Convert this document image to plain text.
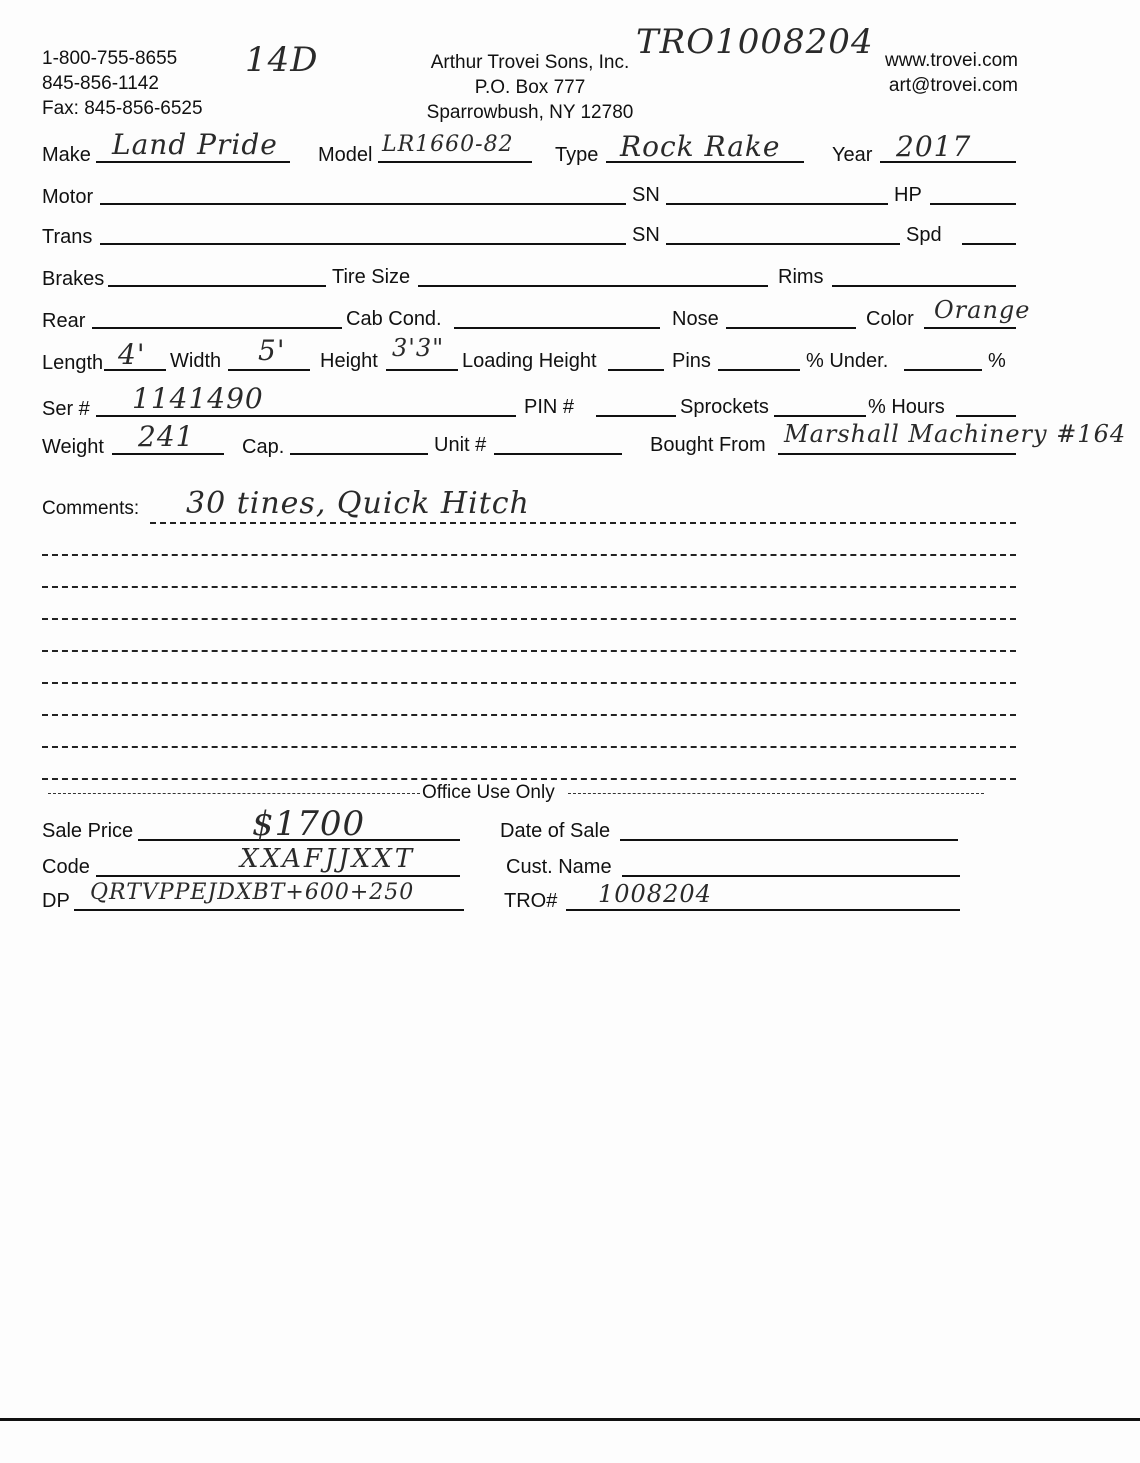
1-800-755-8655
845-856-1142
Fax: 845-856-6525
14D	Arthur Trovei Sons, Inc.
P.O. Box 777
Sparrowbush, NY 12780
TRO1008204 www.trovei.com
art@trovei.com
Make Land Pride Model LR1660-82 Type Rock Rake	Year 2017
Motor	SN	HP
Trans	SN	Spd
Brakes	Tire Size	Rims
Rear	Cab Cond.	Nose	Color Orange
Length 4' Width 5' Height 3'3" Loading Height	Pins	% Under.	%
Ser # 1141490	PIN #	Sprockets	% Hours
Weight 241 Cap.	Unit #	Bought From Marshall Machinery #164
Comments: 30 tines, Quick Hitch
Office Use Only
Sale Price	$1700	Date of Sale
Code	XXAFJJXXT	Cust. Name
DP QRTVPPEJDXBT+600+250	TRO# 1008204
